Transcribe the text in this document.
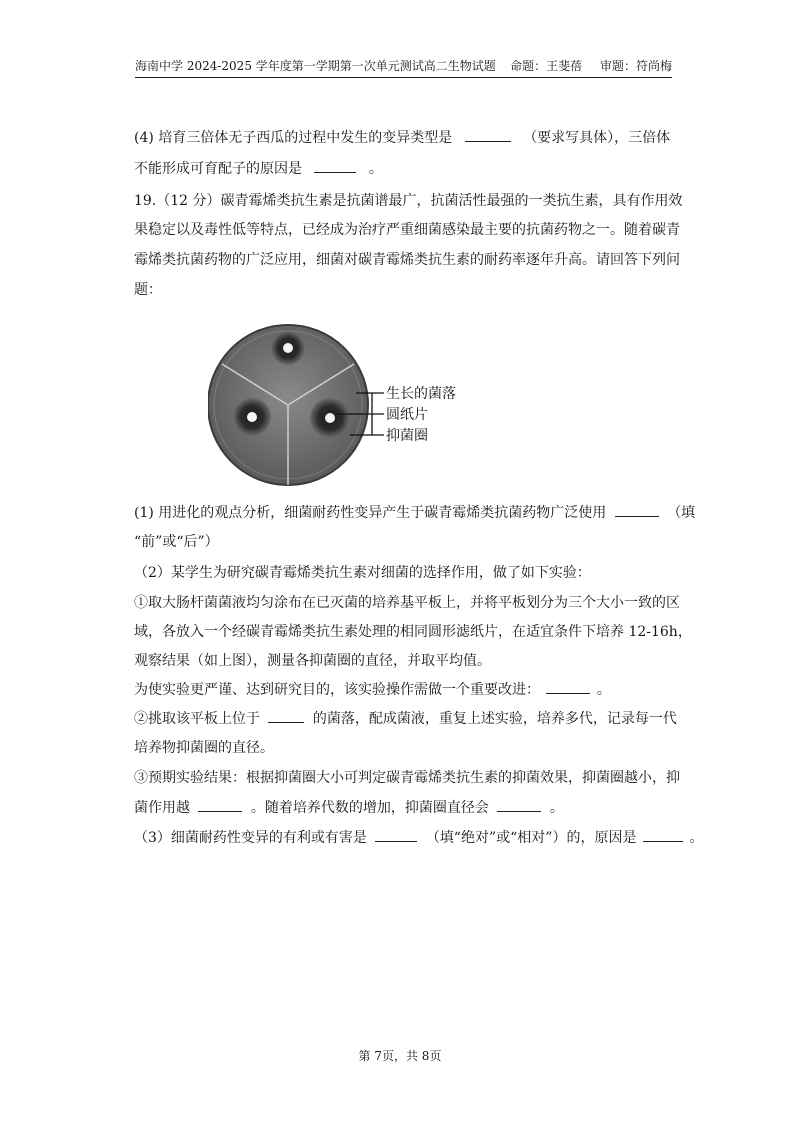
海南中学 2024-2025 学年度第一学期第一次单元测试高二生物试题	命题：王斐蓓 审题：符尚梅
(4) 培育三倍体无子西瓜的过程中发生的变异类型是	（要求写具体），三倍体
不能形成可育配子的原因是	。
19.（12 分）碳青霉烯类抗生素是抗菌谱最广，抗菌活性最强的一类抗生素，具有作用效
果稳定以及毒性低等特点，已经成为治疗严重细菌感染最主要的抗菌药物之一。随着碳青
霉烯类抗菌药物的广泛应用，细菌对碳青霉烯类抗生素的耐药率逐年升高。请回答下列问
题：
生长的菌落
圆纸片
抑菌圈
(1) 用进化的观点分析，细菌耐药性变异产生于碳青霉烯类抗菌药物广泛使用	（填
“前”或“后”）
（2）某学生为研究碳青霉烯类抗生素对细菌的选择作用，做了如下实验：
①取大肠杆菌菌液均匀涂布在已灭菌的培养基平板上，并将平板划分为三个大小一致的区
域，各放入一个经碳青霉烯类抗生素处理的相同圆形滤纸片，在适宜条件下培养 12-16h，
观察结果（如上图），测量各抑菌圈的直径，并取平均值。
为使实验更严谨、达到研究目的，该实验操作需做一个重要改进：	。
②挑取该平板上位于	的菌落，配成菌液，重复上述实验，培养多代，记录每一代
培养物抑菌圈的直径。
③预期实验结果：根据抑菌圈大小可判定碳青霉烯类抗生素的抑菌效果，抑菌圈越小，抑
菌作用越	。随着培养代数的增加，抑菌圈直径会	。
（3）细菌耐药性变异的有利或有害是	（填“绝对”或“相对”）的，原因是	。
第 7页，共 8页
